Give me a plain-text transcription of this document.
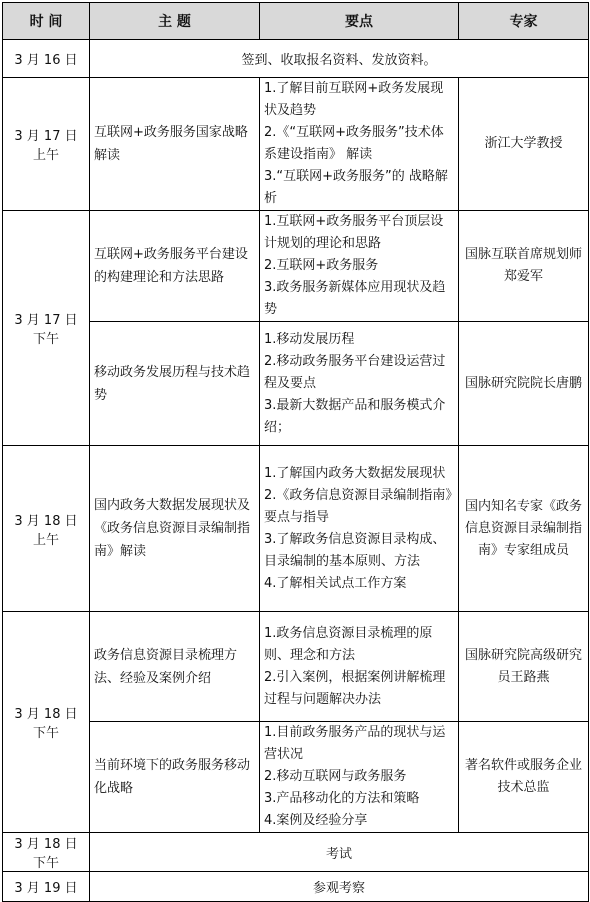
时 间	主 题	要点	专家
3 月 16 日	签到、收取报名资料、发放资料。		
3 月 17 日 上午	互联网+政务服务国家战略解读	1.了解目前互联网+政务发展现状及趋势
2.《“互联网+政务服务”技术体系建设指南》 解读
3.“互联网+政务服务”的 战略解析	浙江大学教授
3 月 17 日 下午	互联网+政务服务平台建设的构建理论和方法思路	1.互联网+政务服务平台顶层设计规划的理论和思路
2.互联网+政务服务
3.政务服务新媒体应用现状及趋势	国脉互联首席规划师郑爱军
	移动政务发展历程与技术趋势	1.移动发展历程
2.移动政务服务平台建设运营过程及要点
3.最新大数据产品和服务模式介绍；	国脉研究院院长唐鹏
3 月 18 日 上午	国内政务大数据发展现状及《政务信息资源目录编制指南》解读	1.了解国内政务大数据发展现状
2.《政务信息资源目录编制指南》要点与指导
3.了解政务信息资源目录构成、目录编制的基本原则、方法
4.了解相关试点工作方案	国内知名专家《政务信息资源目录编制指南》专家组成员
3 月 18 日 下午	政务信息资源目录梳理方法、经验及案例介绍	1.政务信息资源目录梳理的原则、理念和方法
2.引入案例，根据案例讲解梳理过程与问题解决办法	国脉研究院高级研究员王路燕
	当前环境下的政务服务移动化战略	1.目前政务服务产品的现状与运营状况
2.移动互联网与政务服务
3.产品移动化的方法和策略
4.案例及经验分享	著名软件或服务企业技术总监
3 月 18 日 下午	考试		
3 月 19 日	参观考察		
